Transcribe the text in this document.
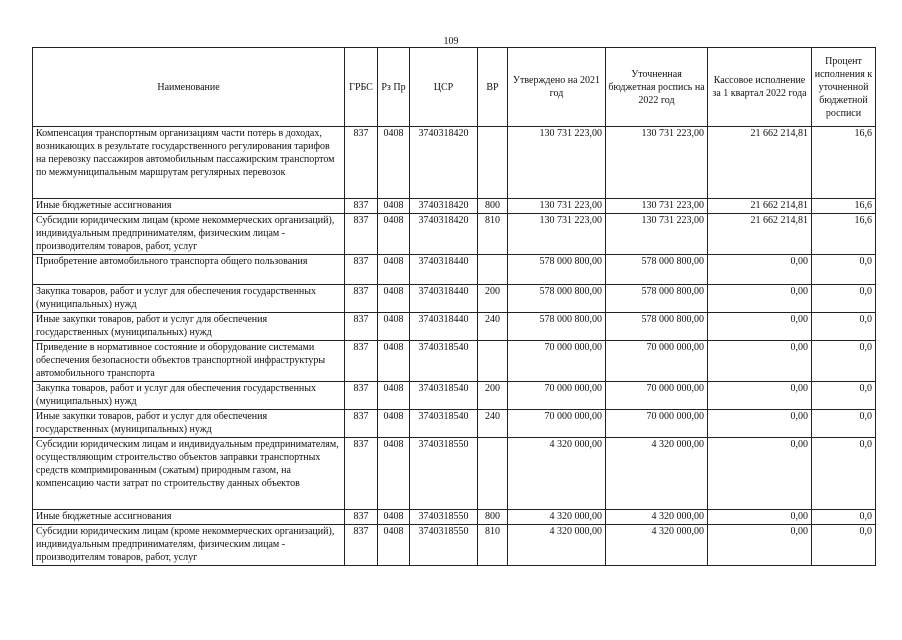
109
Наименование	ГРБС	Рз Пр	ЦСР	ВР	Утверждено на 2021 год	Уточненная бюджетная роспись на 2022 год	Кассовое исполнение за 1 квартал 2022 года	Процент исполнения к уточненной бюджетной росписи
Компенсация транспортным организациям части потерь в доходах, возникающих в результате государственного регулирования тарифов на перевозку пассажиров автомобильным пассажирским транспортом по межмуниципальным маршрутам регулярных перевозок	837	0408	3740318420		130 731 223,00	130 731 223,00	21 662 214,81	16,6
Иные бюджетные ассигнования	837	0408	3740318420	800	130 731 223,00	130 731 223,00	21 662 214,81	16,6
Субсидии юридическим лицам (кроме некоммерческих организаций), индивидуальным предпринимателям, физическим лицам - производителям товаров, работ, услуг	837	0408	3740318420	810	130 731 223,00	130 731 223,00	21 662 214,81	16,6
Приобретение автомобильного транспорта общего пользования	837	0408	3740318440		578 000 800,00	578 000 800,00	0,00	0,0
Закупка товаров, работ и услуг для обеспечения государственных (муниципальных) нужд	837	0408	3740318440	200	578 000 800,00	578 000 800,00	0,00	0,0
Иные закупки товаров, работ и услуг для обеспечения государственных (муниципальных) нужд	837	0408	3740318440	240	578 000 800,00	578 000 800,00	0,00	0,0
Приведение в нормативное состояние и оборудование системами обеспечения безопасности объектов транспортной инфраструктуры автомобильного транспорта	837	0408	3740318540		70 000 000,00	70 000 000,00	0,00	0,0
Закупка товаров, работ и услуг для обеспечения государственных (муниципальных) нужд	837	0408	3740318540	200	70 000 000,00	70 000 000,00	0,00	0,0
Иные закупки товаров, работ и услуг для обеспечения государственных (муниципальных) нужд	837	0408	3740318540	240	70 000 000,00	70 000 000,00	0,00	0,0
Субсидии юридическим лицам и индивидуальным предпринимателям, осуществляющим строительство объектов заправки транспортных средств компримированным (сжатым) природным газом, на компенсацию части затрат по строительству данных объектов	837	0408	3740318550		4 320 000,00	4 320 000,00	0,00	0,0
Иные бюджетные ассигнования	837	0408	3740318550	800	4 320 000,00	4 320 000,00	0,00	0,0
Субсидии юридическим лицам (кроме некоммерческих организаций), индивидуальным предпринимателям, физическим лицам - производителям товаров, работ, услуг	837	0408	3740318550	810	4 320 000,00	4 320 000,00	0,00	0,0
